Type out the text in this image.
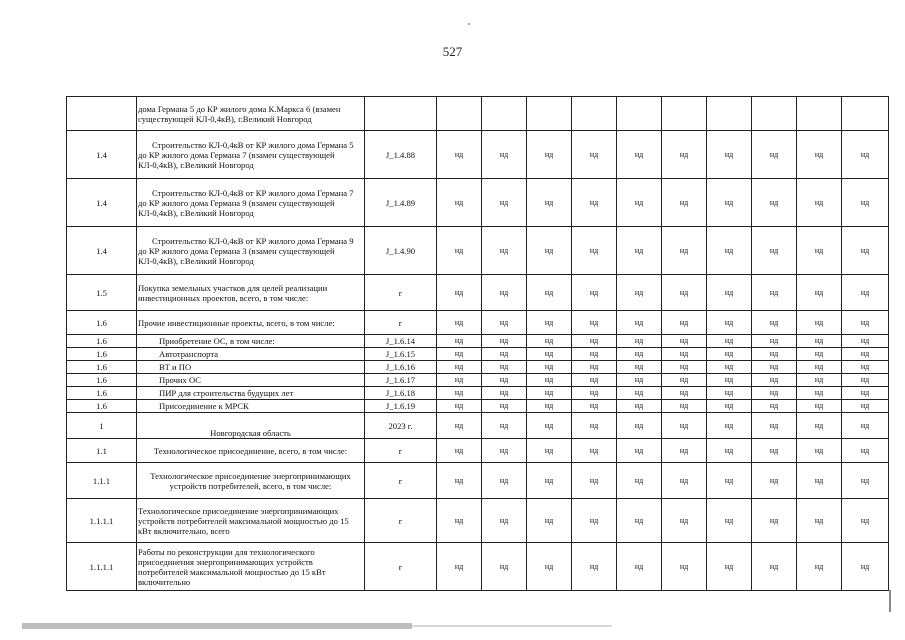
527
	дома Германа 5 до КР жилого дома К.Маркса 6 (взамен существующей КЛ-0,4кВ), г.Великий Новгород											
1.4	Строительство КЛ-0,4кВ от КР жилого дома Германа 5 до КР жилого дома Германа 7 (взамен существующей КЛ-0,4кВ), г.Великий Новгород	J_1.4.88	нд	нд	нд	нд	нд	нд	нд	нд	нд	нд
1.4	Строительство КЛ-0,4кВ от КР жилого дома Германа 7 до КР жилого дома Германа 9 (взамен существующей КЛ-0,4кВ), г.Великий Новгород	J_1.4.89	нд	нд	нд	нд	нд	нд	нд	нд	нд	нд
1.4	Строительство КЛ-0,4кВ от КР жилого дома Германа 9 до КР жилого дома Германа 3 (взамен существующей КЛ-0,4кВ), г.Великий Новгород	J_1.4.90	нд	нд	нд	нд	нд	нд	нд	нд	нд	нд
1.5	Покупка земельных участков для целей реализации инвестиционных проектов, всего, в том числе:	г	нд	нд	нд	нд	нд	нд	нд	нд	нд	нд
1.6	Прочие инвестиционные проекты, всего, в том числе:	г	нд	нд	нд	нд	нд	нд	нд	нд	нд	нд
1.6	Приобретение ОС, в том числе:	J_1.6.14	нд	нд	нд	нд	нд	нд	нд	нд	нд	нд
1.6	Автотранспорта	J_1.6.15	нд	нд	нд	нд	нд	нд	нд	нд	нд	нд
1.6	ВТ и ПО	J_1.6.16	нд	нд	нд	нд	нд	нд	нд	нд	нд	нд
1.6	Прочих ОС	J_1.6.17	нд	нд	нд	нд	нд	нд	нд	нд	нд	нд
1.6	ПИР для строительства будущих лет	J_1.6.18	нд	нд	нд	нд	нд	нд	нд	нд	нд	нд
1.6	Присоединение к МРСК	J_1.6.19	нд	нд	нд	нд	нд	нд	нд	нд	нд	нд
1	Новгородская область	2023 г.	нд	нд	нд	нд	нд	нд	нд	нд	нд	нд
1.1	Технологическое присоединение, всего, в том числе:	г	нд	нд	нд	нд	нд	нд	нд	нд	нд	нд
1.1.1	Технологическое присоединение энергопринимающих устройств потребителей, всего, в том числе:	г	нд	нд	нд	нд	нд	нд	нд	нд	нд	нд
1.1.1.1	Технологическое присоединение энергопринимающих устройств потребителей максимальной мощностью до 15 кВт включительно, всего	г	нд	нд	нд	нд	нд	нд	нд	нд	нд	нд
1.1.1.1	Работы по реконструкции для технологического присоединения энергопринимающих устройств потребителей максимальной мощностью до 15 кВт включительно	г	нд	нд	нд	нд	нд	нд	нд	нд	нд	нд
